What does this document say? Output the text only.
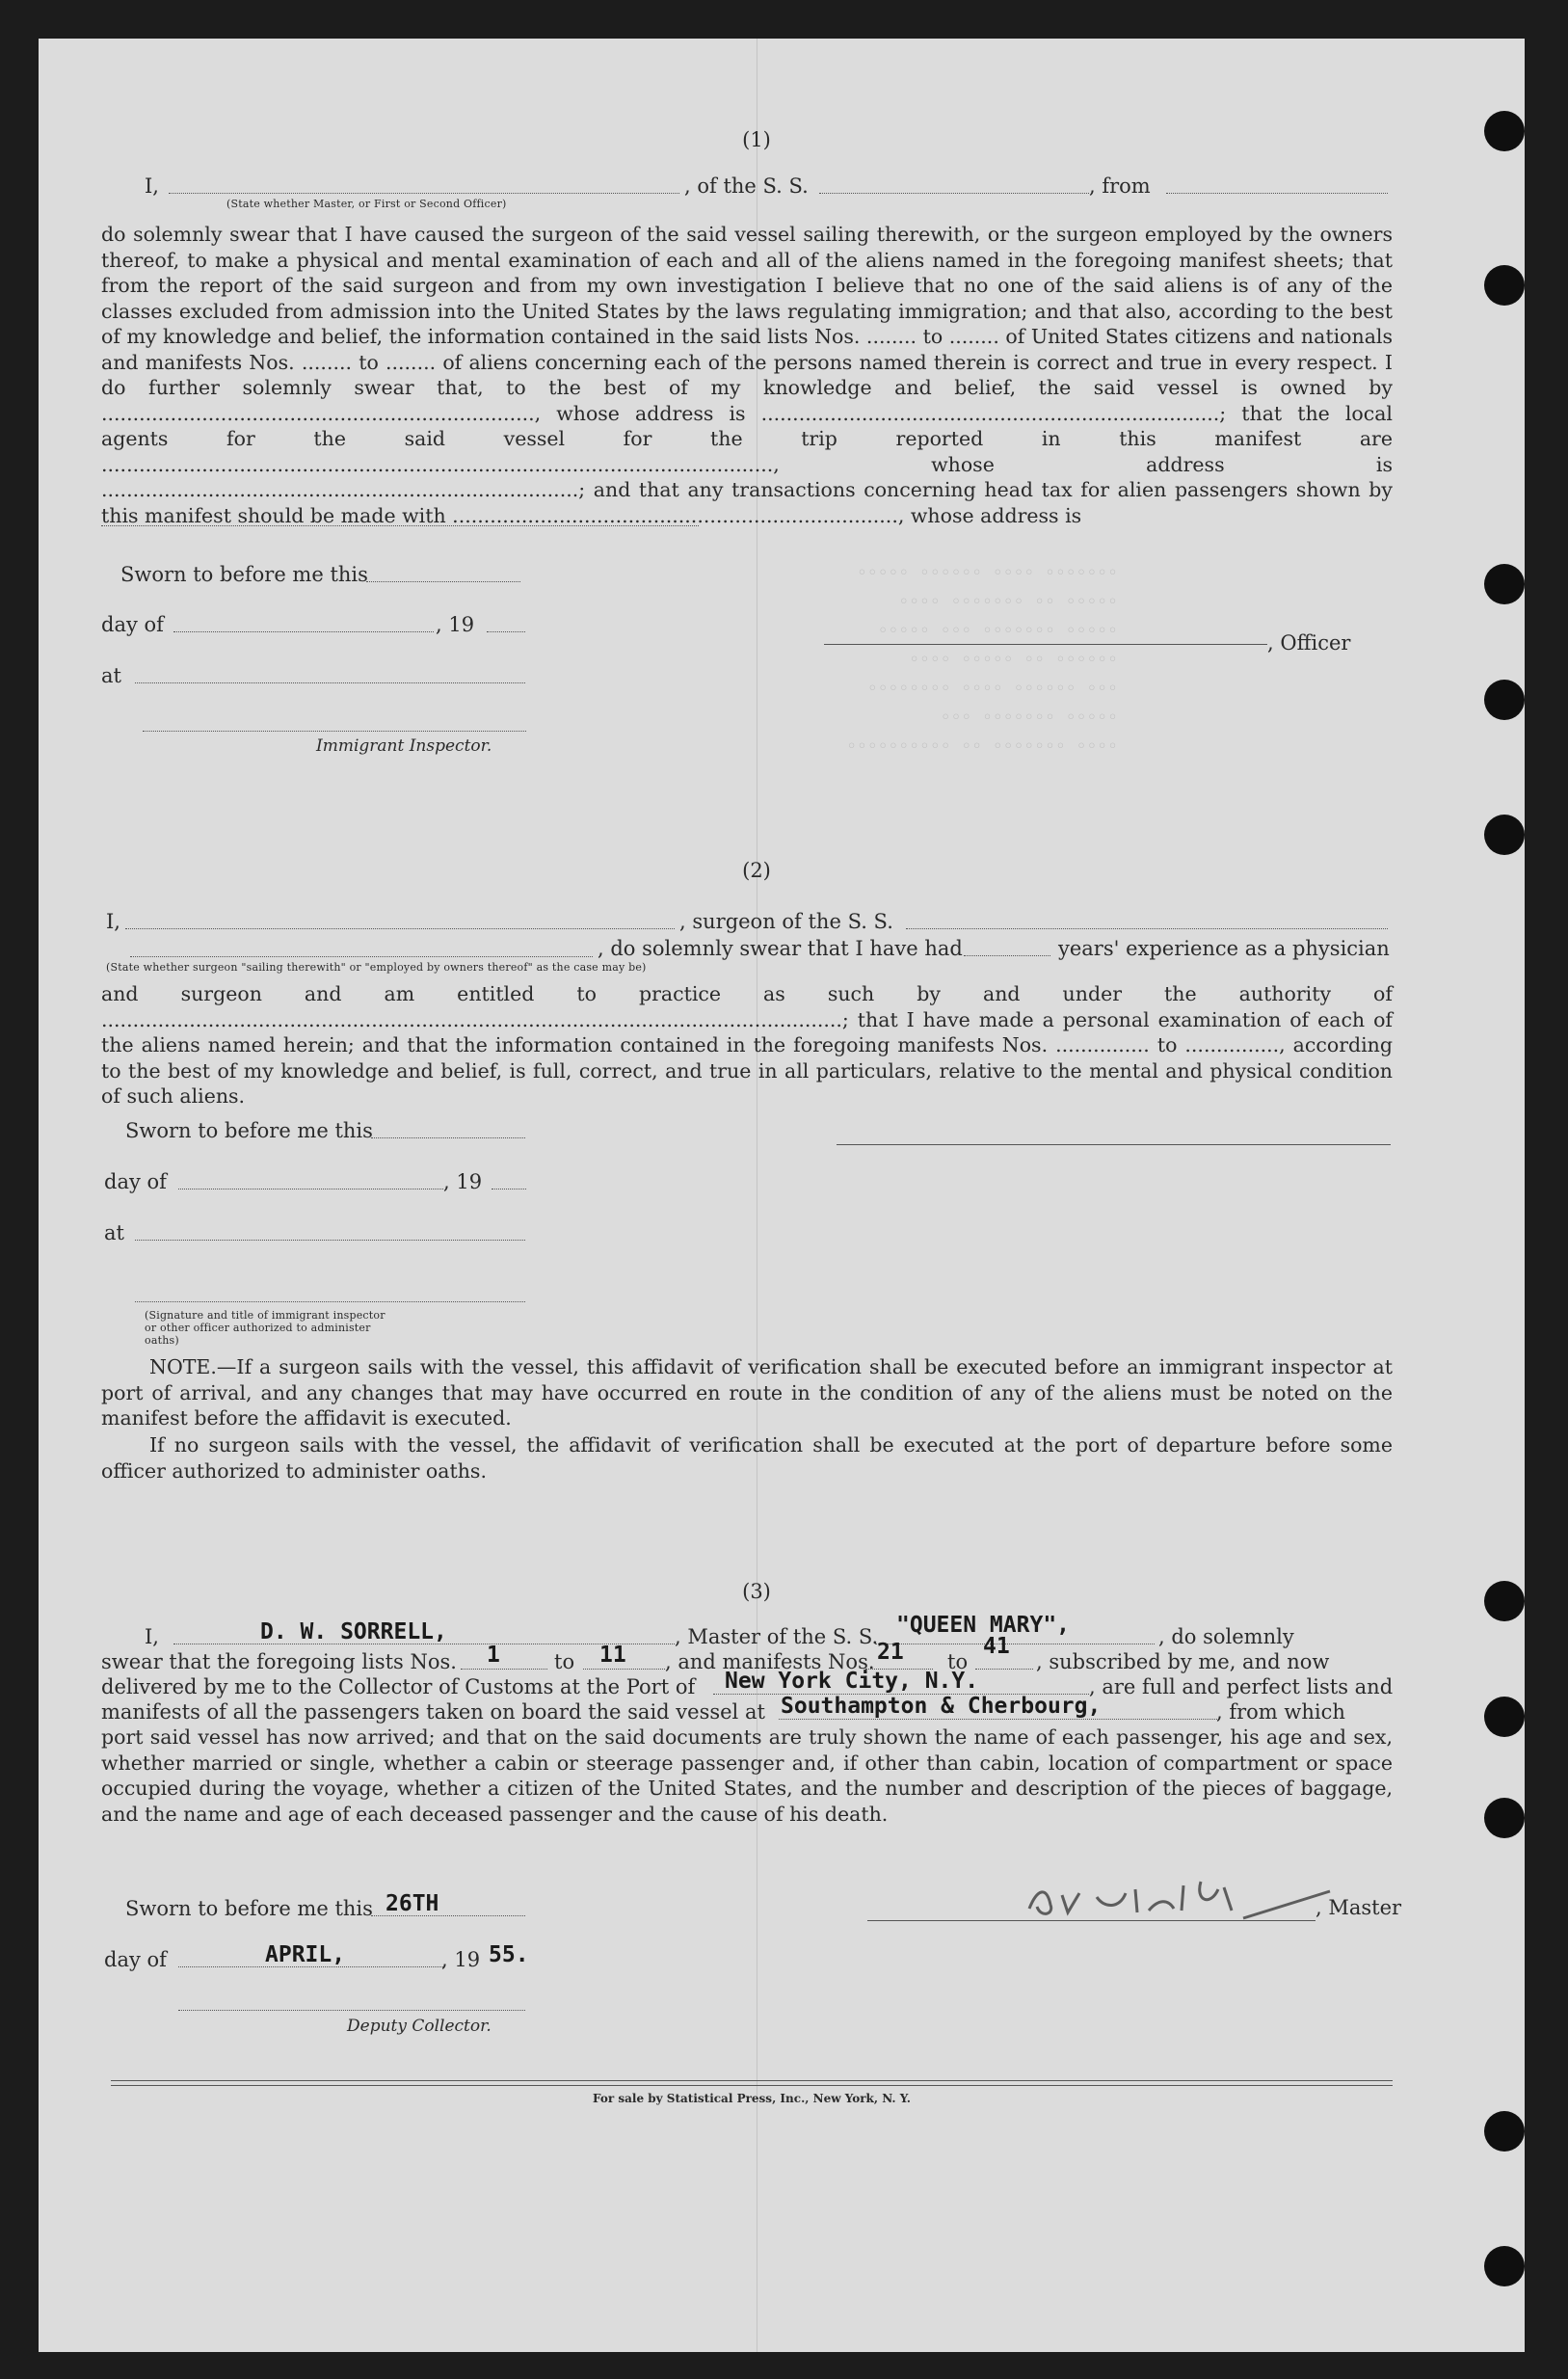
(1)
I,
(State whether Master, or First or Second Officer)
, of the S. S.	, from
do solemnly swear that I have caused the surgeon of the said vessel sailing therewith, or the surgeon employed by the owners thereof, to make a physical and mental examination of each and all of the aliens named in the foregoing manifest sheets; that from the report of the said surgeon and from my own investigation I believe that no one of the said aliens is of any of the classes excluded from admission into the United States by the laws regulating immigration; and that also, according to the best of my knowledge and belief, the information contained in the said lists Nos. ........ to ........ of United States citizens and nationals and manifests Nos. ........ to ........ of aliens concerning each of the persons named therein is correct and true in every respect. I do further solemnly swear that, to the best of my knowledge and belief, the said vessel is owned by ....................................................................., whose address is .........................................................................; that the local agents for the said vessel for the trip reported in this manifest are ..........................................................................................................., whose address is ............................................................................; and that any transactions concerning head tax for alien passengers shown by this manifest should be made with ......................................................................., whose address is
Sworn to before me this
day of	, 19
at
Immigrant Inspector.
, Officer
◦◦◦◦◦◦◦ ◦◦◦◦ ◦◦◦◦◦◦ ◦◦◦◦◦
◦◦◦◦◦ ◦◦ ◦◦◦◦◦◦◦ ◦◦◦◦
◦◦◦◦◦ ◦◦◦◦◦◦◦ ◦◦◦ ◦◦◦◦◦
◦◦◦◦◦◦ ◦◦ ◦◦◦◦◦ ◦◦◦◦
◦◦◦ ◦◦◦◦◦◦ ◦◦◦◦ ◦◦◦◦◦◦◦◦
◦◦◦◦◦ ◦◦◦◦◦◦◦ ◦◦◦
◦◦◦◦ ◦◦◦◦◦◦◦ ◦◦ ◦◦◦◦◦◦◦◦◦◦
(2)
I,	, surgeon of the S. S.
(State whether surgeon "sailing therewith" or "employed by owners thereof" as the case may be)
, do solemnly swear that I have had	years' experience as a physician
and surgeon and am entitled to practice as such by and under the authority of ......................................................................................................................; that I have made a personal examination of each of the aliens named herein; and that the information contained in the foregoing manifests Nos. ............... to ..............., according to the best of my knowledge and belief, is full, correct, and true in all particulars, relative to the mental and physical condition of such aliens.
Sworn to before me this
day of	, 19
at
(Signature and title of immigrant inspector or other officer authorized to administer oaths)
NOTE.—If a surgeon sails with the vessel, this affidavit of verification shall be executed before an immigrant inspector at port of arrival, and any changes that may have occurred en route in the condition of any of the aliens must be noted on the manifest before the affidavit is executed.
If no surgeon sails with the vessel, the affidavit of verification shall be executed at the port of departure before some officer authorized to administer oaths.
(3)
I,	D. W. SORRELL,	, Master of the S. S. "QUEEN MARY",	, do solemnly
swear that the foregoing lists Nos. 1	to 11 , and manifests Nos. 21 to
41
, subscribed by me, and now
delivered by me to the Collector of Customs at the Port of New York City, N.Y.	, are full and perfect lists and
manifests of all the passengers taken on board the said vessel at Southampton & Cherbourg,	, from which
port said vessel has now arrived; and that on the said documents are truly shown the name of each passenger, his age and sex, whether married or single, whether a cabin or steerage passenger and, if other than cabin, location of compartment or space occupied during the voyage, whether a citizen of the United States, and the number and description of the pieces of baggage, and the name and age of each deceased passenger and the cause of his death.
Sworn to before me this 26TH
day of	APRIL,	, 19 55.
, Master
Deputy Collector.
For sale by Statistical Press, Inc., New York, N. Y.
